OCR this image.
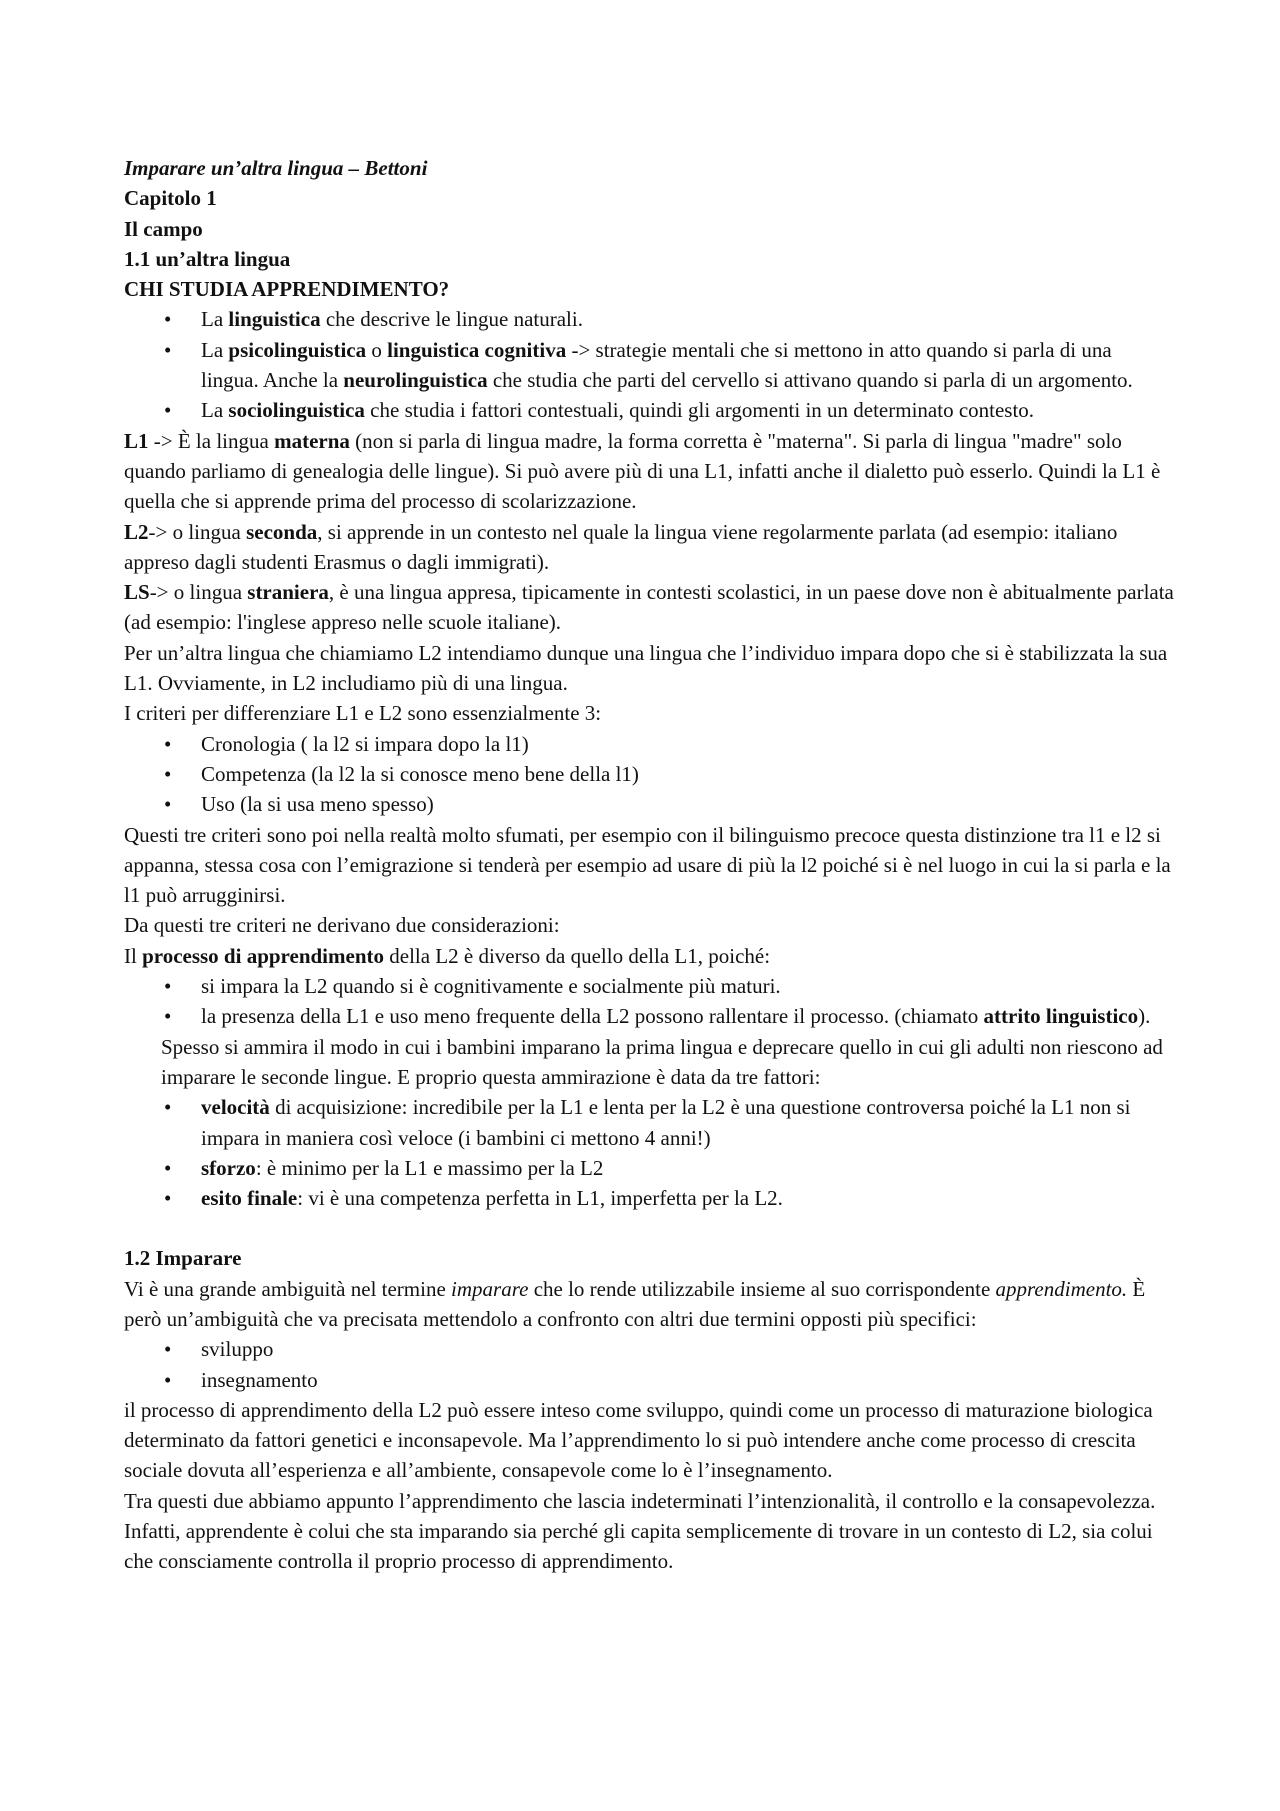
Imparare un’altra lingua – Bettoni

Capitolo 1

Il campo

1.1 un’altra lingua

CHI STUDIA APPRENDIMENTO?

• La linguistica che descrive le lingue naturali.
• La psicolinguistica o linguistica cognitiva -> strategie mentali che si mettono in atto quando si parla di una lingua. Anche la neurolinguistica che studia che parti del cervello si attivano quando si parla di un argomento.
• La sociolinguistica che studia i fattori contestuali, quindi gli argomenti in un determinato contesto.

L1 -> È la lingua materna (non si parla di lingua madre, la forma corretta è "materna". Si parla di lingua "madre" solo quando parliamo di genealogia delle lingue). Si può avere più di una L1, infatti anche il dialetto può esserlo. Quindi la L1 è quella che si apprende prima del processo di scolarizzazione.

L2-> o lingua seconda, si apprende in un contesto nel quale la lingua viene regolarmente parlata (ad esempio: italiano appreso dagli studenti Erasmus o dagli immigrati).

LS-> o lingua straniera, è una lingua appresa, tipicamente in contesti scolastici, in un paese dove non è abitualmente parlata (ad esempio: l'inglese appreso nelle scuole italiane).

Per un’altra lingua che chiamiamo L2 intendiamo dunque una lingua che l’individuo impara dopo che si è stabilizzata la sua L1. Ovviamente, in L2 includiamo più di una lingua.

I criteri per differenziare L1 e L2 sono essenzialmente 3:

• Cronologia ( la l2 si impara dopo la l1)
• Competenza (la l2 la si conosce meno bene della l1)
• Uso (la si usa meno spesso)

Questi tre criteri sono poi nella realtà molto sfumati, per esempio con il bilinguismo precoce questa distinzione tra l1 e l2 si appanna, stessa cosa con l’emigrazione si tenderà per esempio ad usare di più la l2 poiché si è nel luogo in cui la si parla e la l1 può arrugginirsi.

Da questi tre criteri ne derivano due considerazioni:

Il processo di apprendimento della L2 è diverso da quello della L1, poiché:

• si impara la L2 quando si è cognitivamente e socialmente più maturi.
• la presenza della L1 e uso meno frequente della L2 possono rallentare il processo. (chiamato attrito linguistico).

Spesso si ammira il modo in cui i bambini imparano la prima lingua e deprecare quello in cui gli adulti non riescono ad imparare le seconde lingue. E proprio questa ammirazione è data da tre fattori:

• velocità di acquisizione: incredibile per la L1 e lenta per la L2 è una questione controversa poiché la L1 non si impara in maniera così veloce (i bambini ci mettono 4 anni!)
• sforzo: è minimo per la L1 e massimo per la L2
• esito finale: vi è una competenza perfetta in L1, imperfetta per la L2.

1.2 Imparare

Vi è una grande ambiguità nel termine imparare che lo rende utilizzabile insieme al suo corrispondente apprendimento. È però un’ambiguità che va precisata mettendolo a confronto con altri due termini opposti più specifici:

• sviluppo
• insegnamento

il processo di apprendimento della L2 può essere inteso come sviluppo, quindi come un processo di maturazione biologica determinato da fattori genetici e inconsapevole. Ma l’apprendimento lo si può intendere anche come processo di crescita sociale dovuta all’esperienza e all’ambiente, consapevole come lo è l’insegnamento.

Tra questi due abbiamo appunto l’apprendimento che lascia indeterminati l’intenzionalità, il controllo e la consapevolezza. Infatti, apprendente è colui che sta imparando sia perché gli capita semplicemente di trovare in un contesto di L2, sia colui che consciamente controlla il proprio processo di apprendimento.
